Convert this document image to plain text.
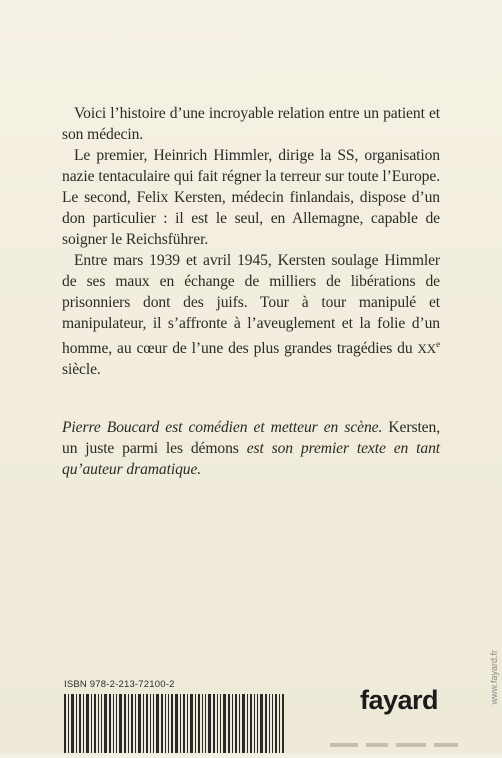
Voici l’histoire d’une incroyable relation entre un patient et son médecin.

Le premier, Heinrich Himmler, dirige la SS, organisation nazie tentaculaire qui fait régner la terreur sur toute l’Europe. Le second, Felix Kersten, médecin finlandais, dispose d’un don particulier : il est le seul, en Allemagne, capable de soigner le Reichsführer.

Entre mars 1939 et avril 1945, Kersten soulage Himmler de ses maux en échange de milliers de libérations de prisonniers dont des juifs. Tour à tour manipulé et manipulateur, il s’affronte à l’aveuglement et la folie d’un homme, au cœur de l’une des plus grandes tragédies du XXe siècle.

Pierre Boucard est comédien et metteur en scène. Kersten, un juste parmi les démons est son premier texte en tant qu’auteur dramatique.

ISBN 978-2-213-72100-2
fayard	www.fayard.fr
